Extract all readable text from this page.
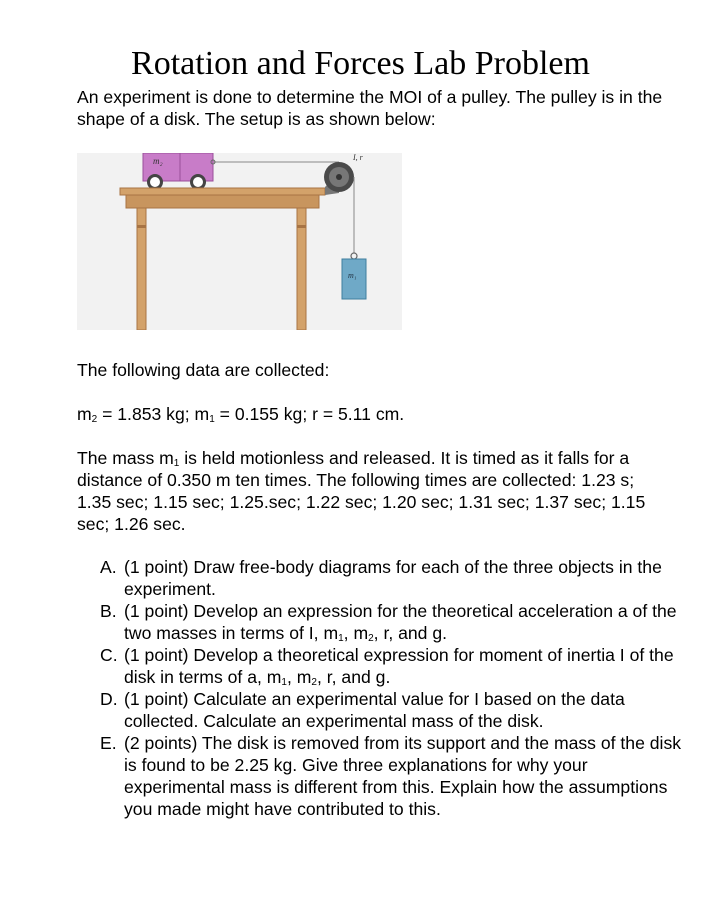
Rotation and Forces Lab Problem

An experiment is done to determine the MOI of a pulley. The pulley is in the shape of a disk. The setup is as shown below:

m₂	I, r
m₁

The following data are collected:

$m_2 = 1.853$ kg; $m_1 = 0.155$ kg; r = 5.11 cm.

The mass $m_1$ is held motionless and released. It is timed as it falls for a distance of 0.350 m ten times. The following times are collected: 1.23 s; 1.35 sec; 1.15 sec; 1.25.sec; 1.22 sec; 1.20 sec; 1.31 sec; 1.37 sec; 1.15 sec; 1.26 sec.

A. (1 point) Draw free-body diagrams for each of the three objects in the experiment.
B. (1 point) Develop an expression for the theoretical acceleration a of the two masses in terms of I, $m_1$, $m_2$, r, and g.
C. (1 point) Develop a theoretical expression for moment of inertia I of the disk in terms of a, $m_1$, $m_2$, r, and g.
D. (1 point) Calculate an experimental value for I based on the data collected. Calculate an experimental mass of the disk.
E. (2 points) The disk is removed from its support and the mass of the disk is found to be 2.25 kg. Give three explanations for why your experimental mass is different from this. Explain how the assumptions you made might have contributed to this.
